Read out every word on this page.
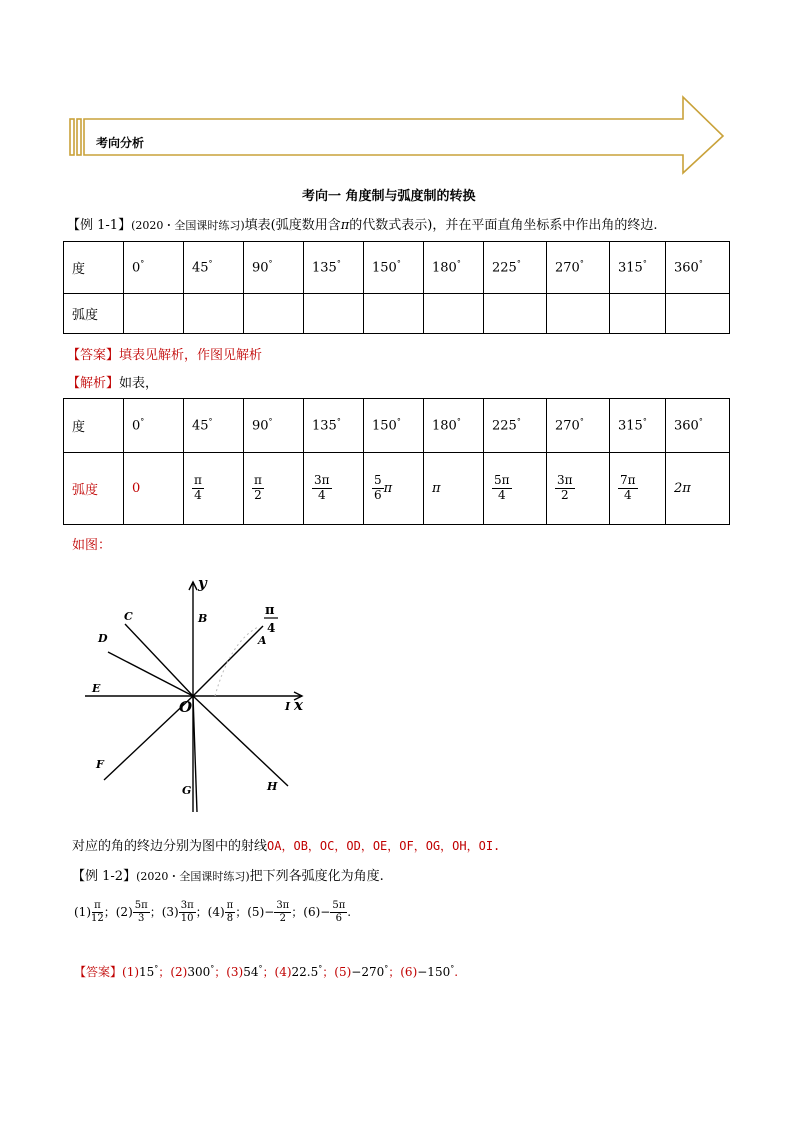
考向分析
考向一 角度制与弧度制的转换
【例 1-1】(2020・全国课时练习)填表(弧度数用含π的代数式表示)，并在平面直角坐标系中作出角的终边.
度	0°	45°	90°	135°	150°	180°	225°	270°	315°	360°
弧度										
【答案】填表见解析，作图见解析
【解析】如表，
度	0°	45°	90°	135°	150°	180°	225°	270°	315°	360°
弧度	0	$\frac{\pi}{4}$	$\frac{\pi}{2}$	$\frac{3\pi}{4}$	$\frac{5}{6}$ π	π	$\frac{5\pi}{4}$	$\frac{3\pi}{2}$	$\frac{7\pi}{4}$	2π
如图：
A
B
C
D
E
F
G	H
I x
y
O
π
4
对应的角的终边分别为图中的射线OA，OB，OC，OD，OE，OF，OG，OH，OI.
【例 1-2】(2020・全国课时练习)把下列各弧度化为角度.
$(1) \frac{\pi}{12}$ ；$(2) \frac{5\pi}{3}$ ；$(3) \frac{3\pi}{10}$ ；$(4) \frac{\pi}{8}$ ；$(5)- \frac{3\pi}{2}$ ；$(6)- \frac{5\pi}{6}$ .
【答案】(1)15°；(2)300°；(3)54°；(4)22.5°；(5)−270°；(6)−150°.
